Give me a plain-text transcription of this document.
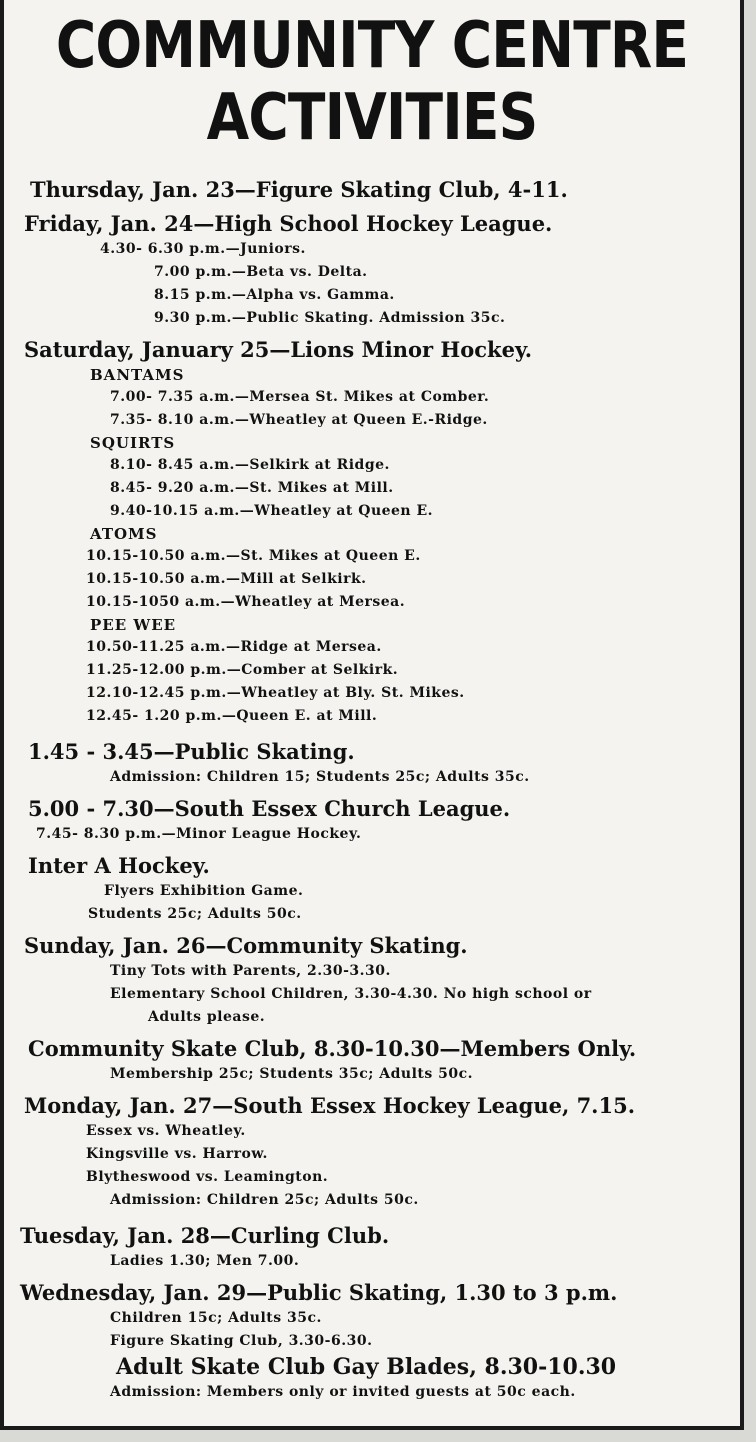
COMMUNITY CENTRE
ACTIVITIES
Thursday, Jan. 23—Figure Skating Club, 4-11.
Friday, Jan. 24—High School Hockey League.
4.30- 6.30 p.m.—Juniors.
7.00 p.m.—Beta vs. Delta.
8.15 p.m.—Alpha vs. Gamma.
9.30 p.m.—Public Skating. Admission 35c.
Saturday, January 25—Lions Minor Hockey.
BANTAMS
7.00- 7.35 a.m.—Mersea St. Mikes at Comber.
7.35- 8.10 a.m.—Wheatley at Queen E.-Ridge.
SQUIRTS
8.10- 8.45 a.m.—Selkirk at Ridge.
8.45- 9.20 a.m.—St. Mikes at Mill.
9.40-10.15 a.m.—Wheatley at Queen E.
ATOMS
10.15-10.50 a.m.—St. Mikes at Queen E.
10.15-10.50 a.m.—Mill at Selkirk.
10.15-1050 a.m.—Wheatley at Mersea.
PEE WEE
10.50-11.25 a.m.—Ridge at Mersea.
11.25-12.00 p.m.—Comber at Selkirk.
12.10-12.45 p.m.—Wheatley at Bly. St. Mikes.
12.45- 1.20 p.m.—Queen E. at Mill.
1.45 - 3.45—Public Skating.
Admission: Children 15; Students 25c; Adults 35c.
5.00 - 7.30—South Essex Church League.
7.45- 8.30 p.m.—Minor League Hockey.
Inter A Hockey.
Flyers Exhibition Game.
Students 25c; Adults 50c.
Sunday, Jan. 26—Community Skating.
Tiny Tots with Parents, 2.30-3.30.
Elementary School Children, 3.30-4.30. No high school or
Adults please.
Community Skate Club, 8.30-10.30—Members Only.
Membership 25c; Students 35c; Adults 50c.
Monday, Jan. 27—South Essex Hockey League, 7.15.
Essex vs. Wheatley.
Kingsville vs. Harrow.
Blytheswood vs. Leamington.
Admission: Children 25c; Adults 50c.
Tuesday, Jan. 28—Curling Club.
Ladies 1.30; Men 7.00.
Wednesday, Jan. 29—Public Skating, 1.30 to 3 p.m.
Children 15c; Adults 35c.
Figure Skating Club, 3.30-6.30.
Adult Skate Club Gay Blades, 8.30-10.30
Admission: Members only or invited guests at 50c each.
